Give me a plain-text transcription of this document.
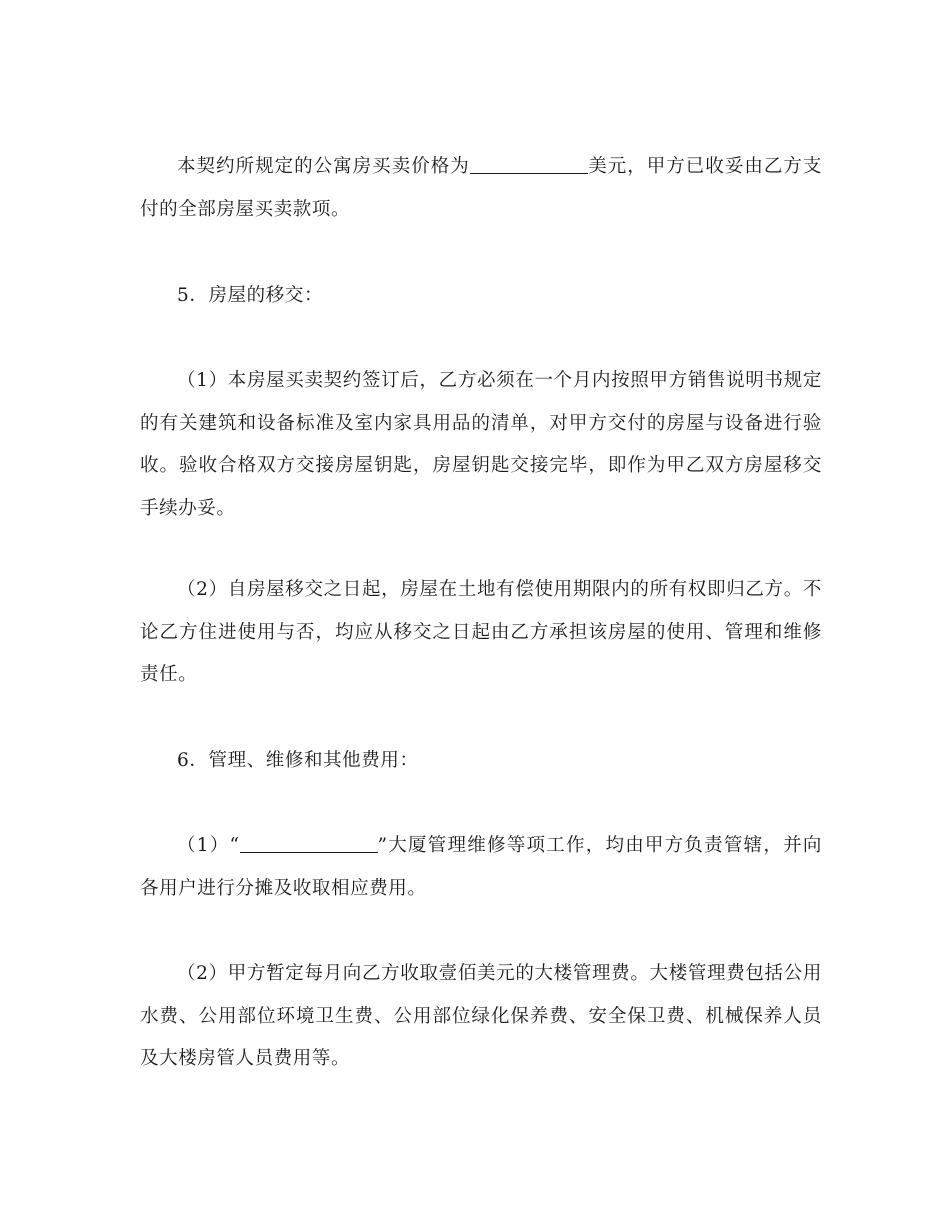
本契约所规定的公寓房买卖价格为	美元，甲方已收妥由乙方支付的全部房屋买卖款项。

5．房屋的移交：

（1）本房屋买卖契约签订后，乙方必须在一个月内按照甲方销售说明书规定的有关建筑和设备标准及室内家具用品的清单，对甲方交付的房屋与设备进行验收。验收合格双方交接房屋钥匙，房屋钥匙交接完毕，即作为甲乙双方房屋移交手续办妥。

（2）自房屋移交之日起，房屋在土地有偿使用期限内的所有权即归乙方。不论乙方住进使用与否，均应从移交之日起由乙方承担该房屋的使用、管理和维修责任。

6．管理、维修和其他费用：

（1）“	”大厦管理维修等项工作，均由甲方负责管辖，并向各用户进行分摊及收取相应费用。

（2）甲方暂定每月向乙方收取壹佰美元的大楼管理费。大楼管理费包括公用水费、公用部位环境卫生费、公用部位绿化保养费、安全保卫费、机械保养人员及大楼房管人员费用等。
